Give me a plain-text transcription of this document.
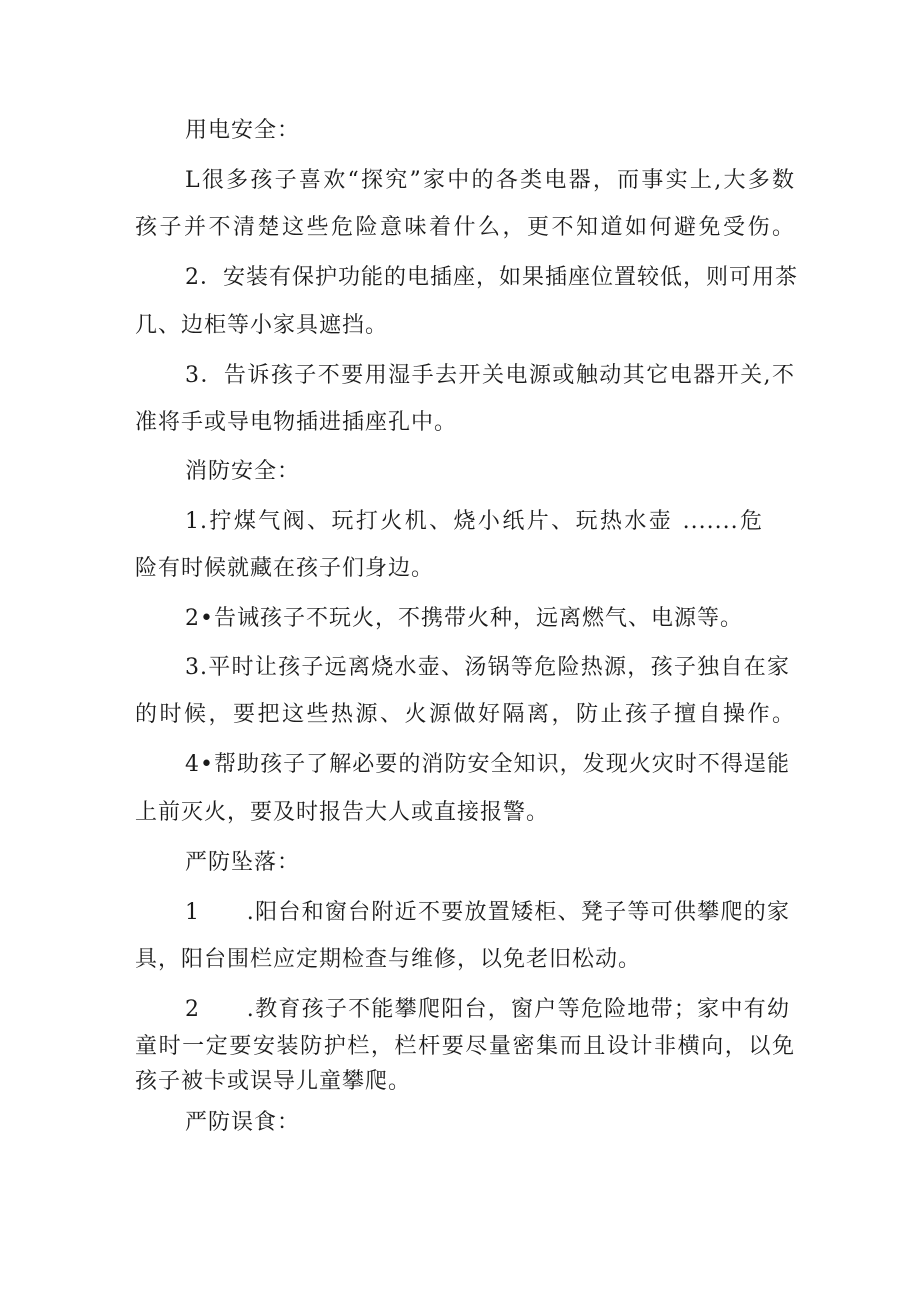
用电安全：
L很多孩子喜欢“探究”家中的各类电器，而事实上,大多数
孩子并不清楚这些危险意味着什么，更不知道如何避免受伤。
2．安装有保护功能的电插座，如果插座位置较低，则可用茶
几、边柜等小家具遮挡。
3．告诉孩子不要用湿手去开关电源或触动其它电器开关,不
准将手或导电物插进插座孔中。
消防安全：
1.拧煤气阀、玩打火机、烧小纸片、玩热水壶 .......危
险有时候就藏在孩子们身边。
2•告诫孩子不玩火，不携带火种，远离燃气、电源等。
3.平时让孩子远离烧水壶、汤锅等危险热源，孩子独自在家
的时候，要把这些热源、火源做好隔离，防止孩子擅自操作。
4•帮助孩子了解必要的消防安全知识，发现火灾时不得逞能
上前灭火，要及时报告大人或直接报警。
严防坠落：
1　　.阳台和窗台附近不要放置矮柜、凳子等可供攀爬的家
具，阳台围栏应定期检查与维修，以免老旧松动。
2　　.教育孩子不能攀爬阳台，窗户等危险地带；家中有幼
童时一定要安装防护栏，栏杆要尽量密集而且设计非横向，以免
孩子被卡或误导儿童攀爬。
严防误食：
